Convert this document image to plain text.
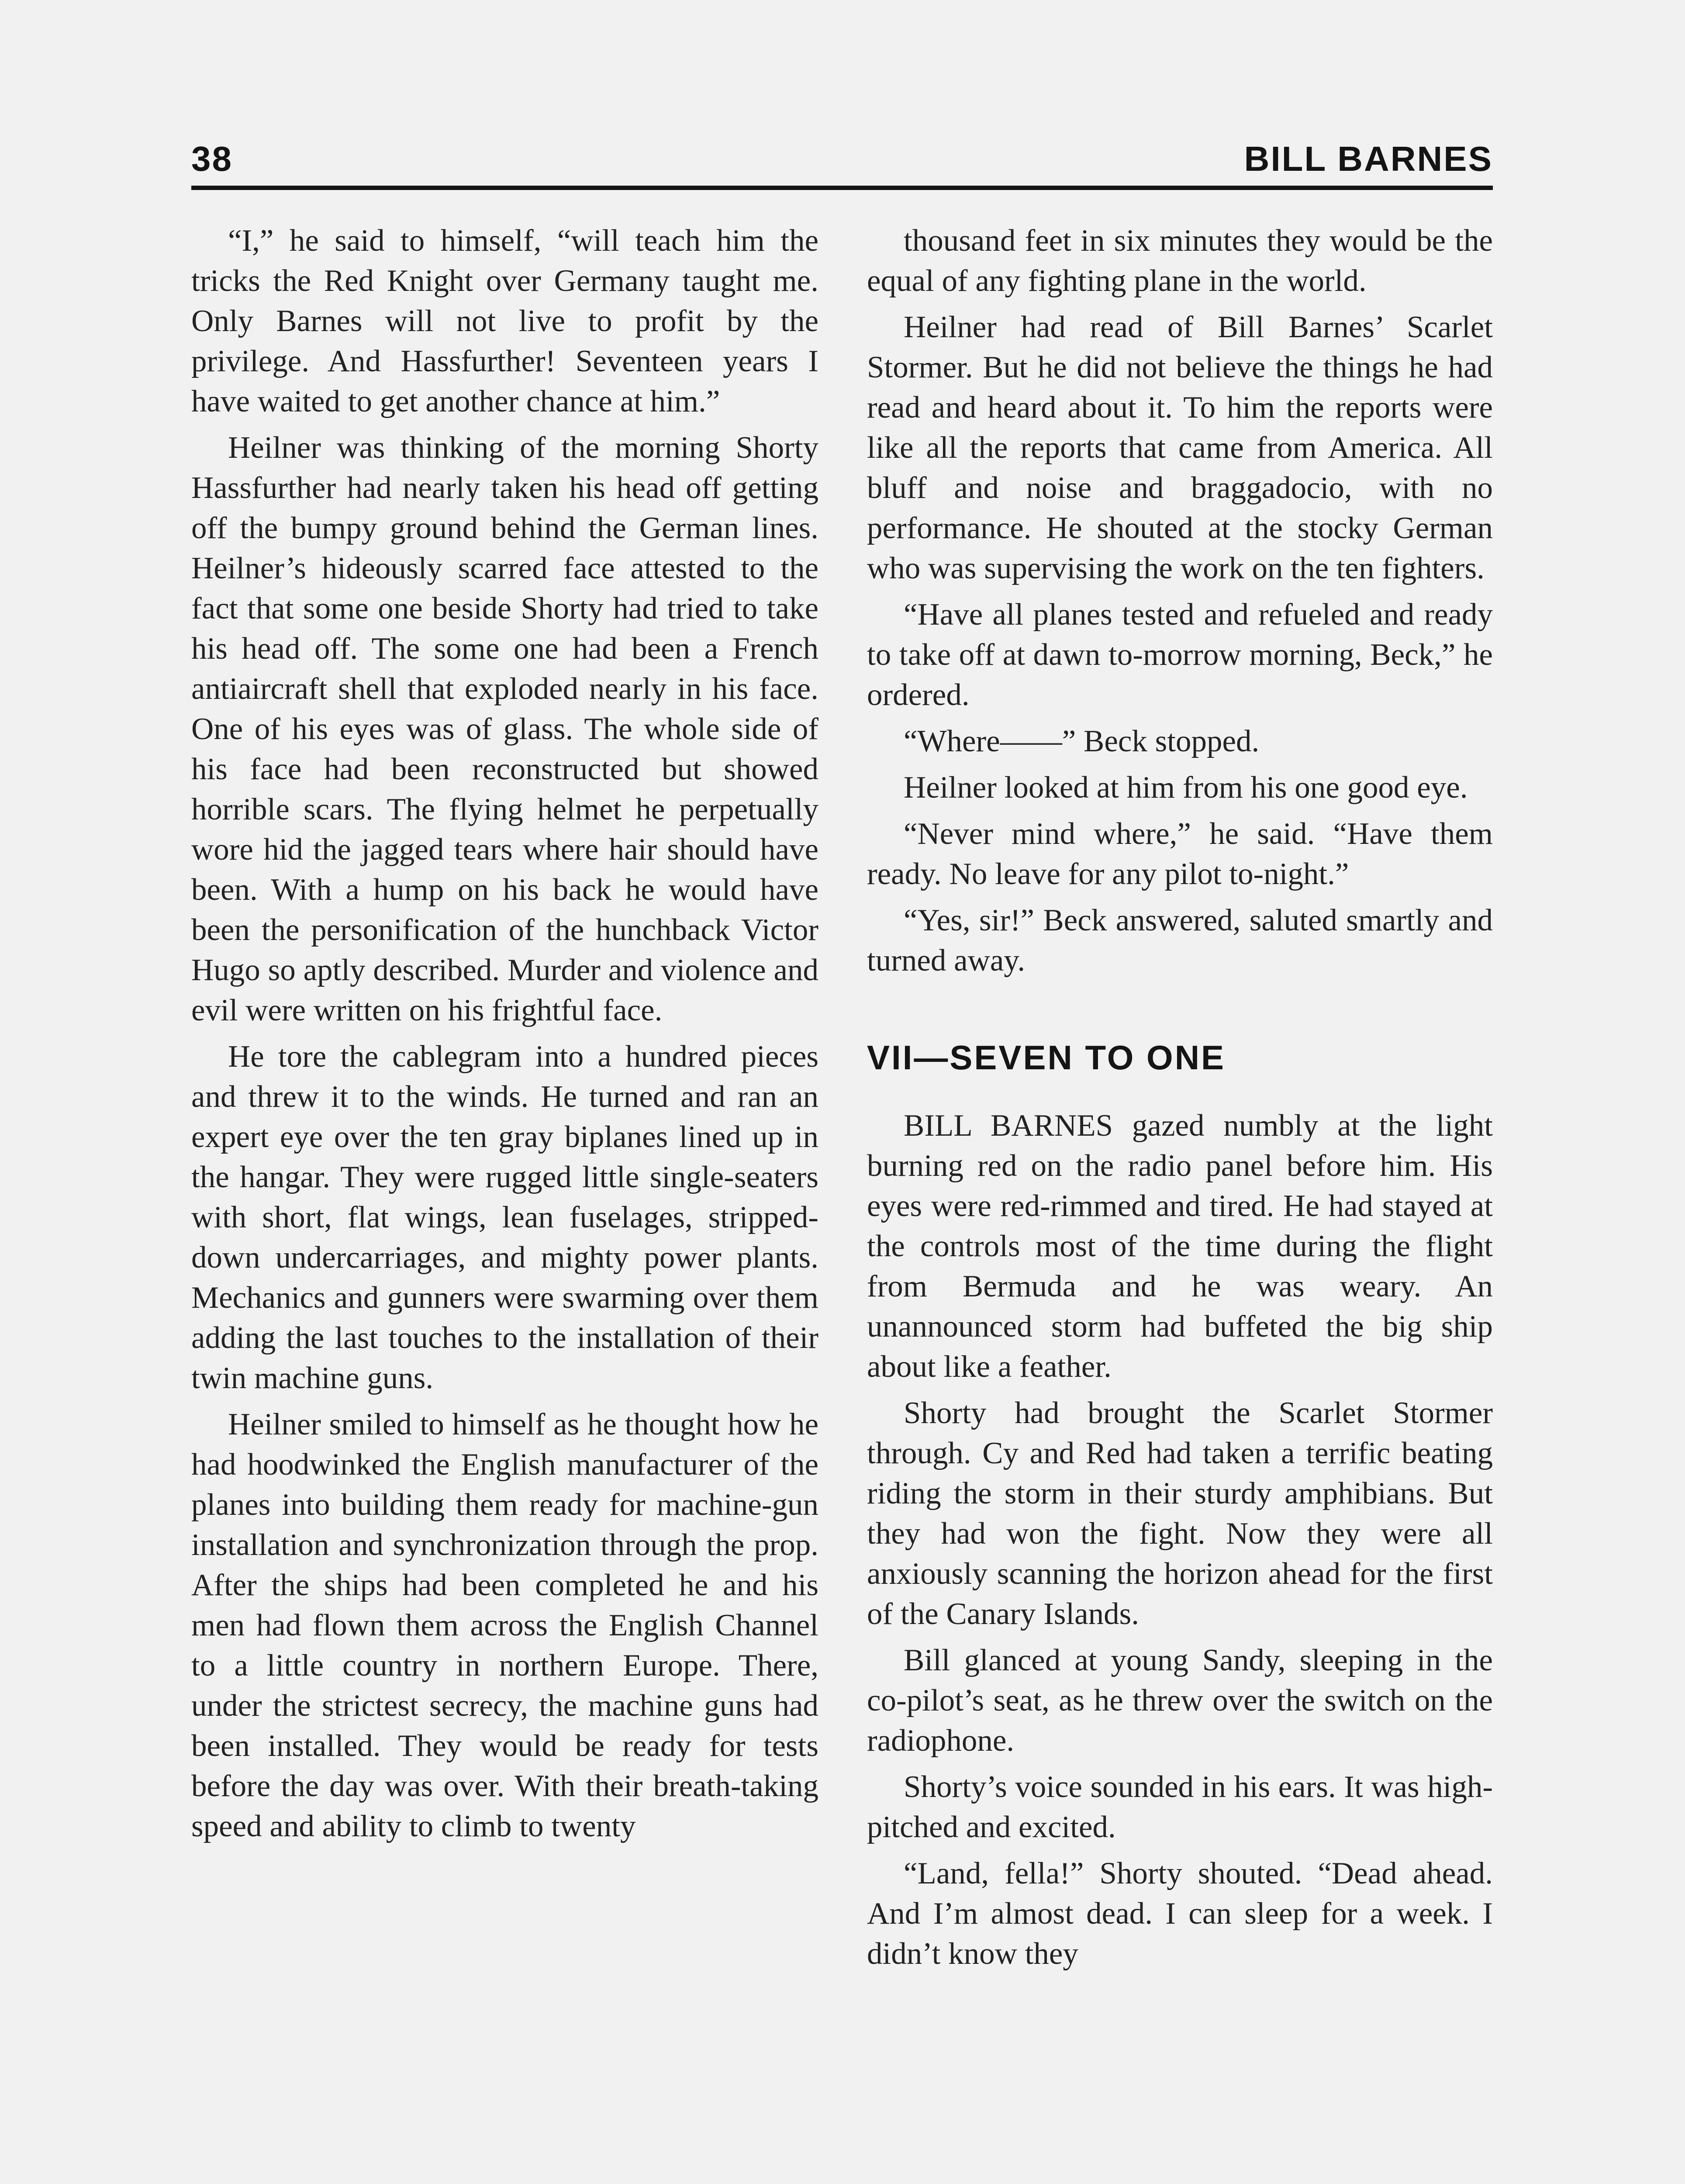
38	BILL BARNES

“I,” he said to himself, “will teach him the tricks the Red Knight over Germany taught me. Only Barnes will not live to profit by the privilege. And Hassfurther! Seventeen years I have waited to get another chance at him.”

Heilner was thinking of the morning Shorty Hassfurther had nearly taken his head off getting off the bumpy ground behind the German lines. Heilner’s hideously scarred face attested to the fact that some one beside Shorty had tried to take his head off. The some one had been a French antiaircraft shell that exploded nearly in his face. One of his eyes was of glass. The whole side of his face had been reconstructed but showed horrible scars. The flying helmet he perpetually wore hid the jagged tears where hair should have been. With a hump on his back he would have been the personification of the hunchback Victor Hugo so aptly described. Murder and violence and evil were written on his frightful face.

He tore the cablegram into a hundred pieces and threw it to the winds. He turned and ran an expert eye over the ten gray biplanes lined up in the hangar. They were rugged little single-seaters with short, flat wings, lean fuselages, stripped-down undercarriages, and mighty power plants. Mechanics and gunners were swarming over them adding the last touches to the installation of their twin machine guns.

Heilner smiled to himself as he thought how he had hoodwinked the English manufacturer of the planes into building them ready for machine-gun installation and synchronization through the prop. After the ships had been completed he and his men had flown them across the English Channel to a little country in northern Europe. There, under the strictest secrecy, the machine guns had been installed. They would be ready for tests before the day was over. With their breath-taking speed and ability to climb to twenty

thousand feet in six minutes they would be the equal of any fighting plane in the world.

Heilner had read of Bill Barnes’ Scarlet Stormer. But he did not believe the things he had read and heard about it. To him the reports were like all the reports that came from America. All bluff and noise and braggadocio, with no performance. He shouted at the stocky German who was supervising the work on the ten fighters.

“Have all planes tested and refueled and ready to take off at dawn to-morrow morning, Beck,” he ordered.

“Where——” Beck stopped.

Heilner looked at him from his one good eye.

“Never mind where,” he said. “Have them ready. No leave for any pilot to-night.”

“Yes, sir!” Beck answered, saluted smartly and turned away.

VII—SEVEN TO ONE

BILL BARNES gazed numbly at the light burning red on the radio panel before him. His eyes were red-rimmed and tired. He had stayed at the controls most of the time during the flight from Bermuda and he was weary. An unannounced storm had buffeted the big ship about like a feather.

Shorty had brought the Scarlet Stormer through. Cy and Red had taken a terrific beating riding the storm in their sturdy amphibians. But they had won the fight. Now they were all anxiously scanning the horizon ahead for the first of the Canary Islands.

Bill glanced at young Sandy, sleeping in the co-pilot’s seat, as he threw over the switch on the radiophone.

Shorty’s voice sounded in his ears. It was high-pitched and excited.

“Land, fella!” Shorty shouted. “Dead ahead. And I’m almost dead. I can sleep for a week. I didn’t know they
